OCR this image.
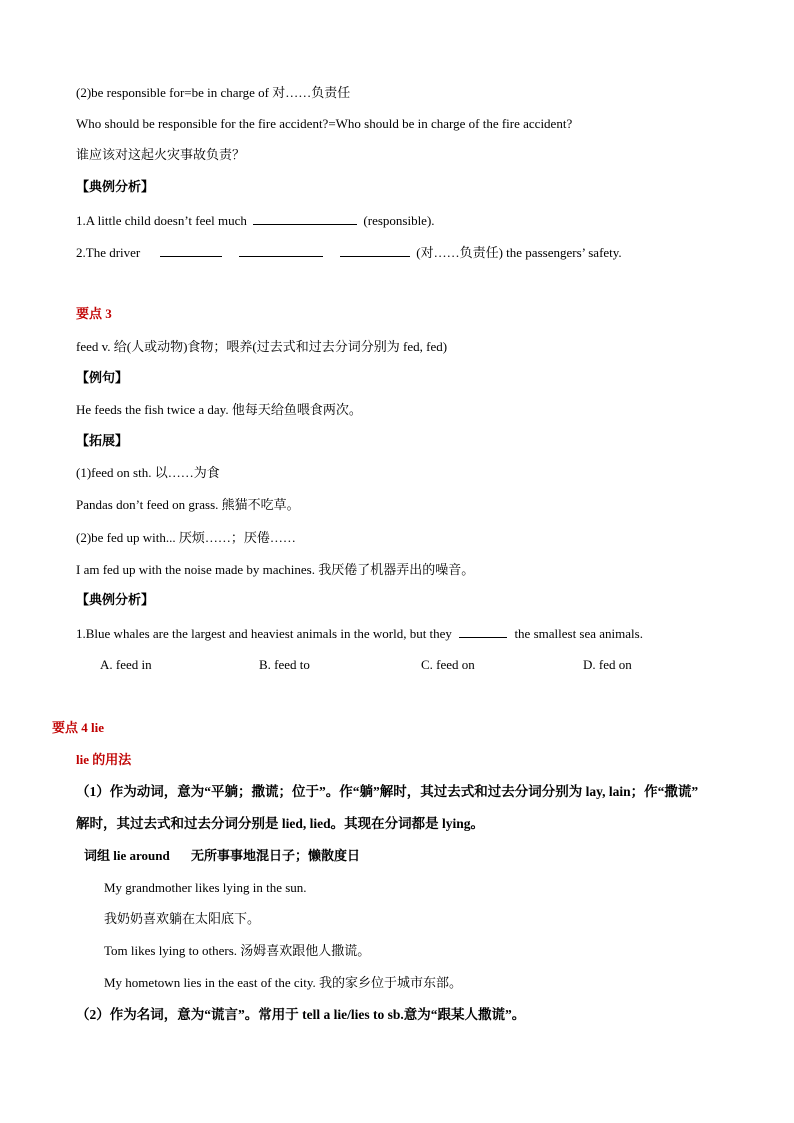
(2)be responsible for=be in charge of 对……负责任
Who should be responsible for the fire accident?=Who should be in charge of the fire accident?
谁应该对这起火灾事故负责？
【典例分析】
1.A little child doesn’t feel much	(responsible).
2.The driver	(对……负责任) the passengers’ safety.
要点 3
feed v. 给(人或动物)食物；喂养(过去式和过去分词分别为 fed, fed)
【例句】
He feeds the fish twice a day. 他每天给鱼喂食两次。
【拓展】
(1)feed on sth. 以……为食
Pandas don’t feed on grass. 熊猫不吃草。
(2)be fed up with... 厌烦……；厌倦……
I am fed up with the noise made by machines. 我厌倦了机器弄出的噪音。
【典例分析】
1.Blue whales are the largest and heaviest animals in the world, but they	the smallest sea animals.
A. feed in	B. feed to	C. feed on	D. fed on
要点 4 lie
lie 的用法
（1）作为动词，意为“平躺；撒谎；位于”。作“躺”解时，其过去式和过去分词分别为 lay, lain；作“撒谎”
解时，其过去式和过去分词分别是 lied, lied。其现在分词都是 lying。
词组 lie around 无所事事地混日子；懒散度日
My grandmother likes lying in the sun.
我奶奶喜欢躺在太阳底下。
Tom likes lying to others. 汤姆喜欢跟他人撒谎。
My hometown lies in the east of the city. 我的家乡位于城市东部。
（2）作为名词，意为“谎言”。常用于 tell a lie/lies to sb.意为“跟某人撒谎”。
